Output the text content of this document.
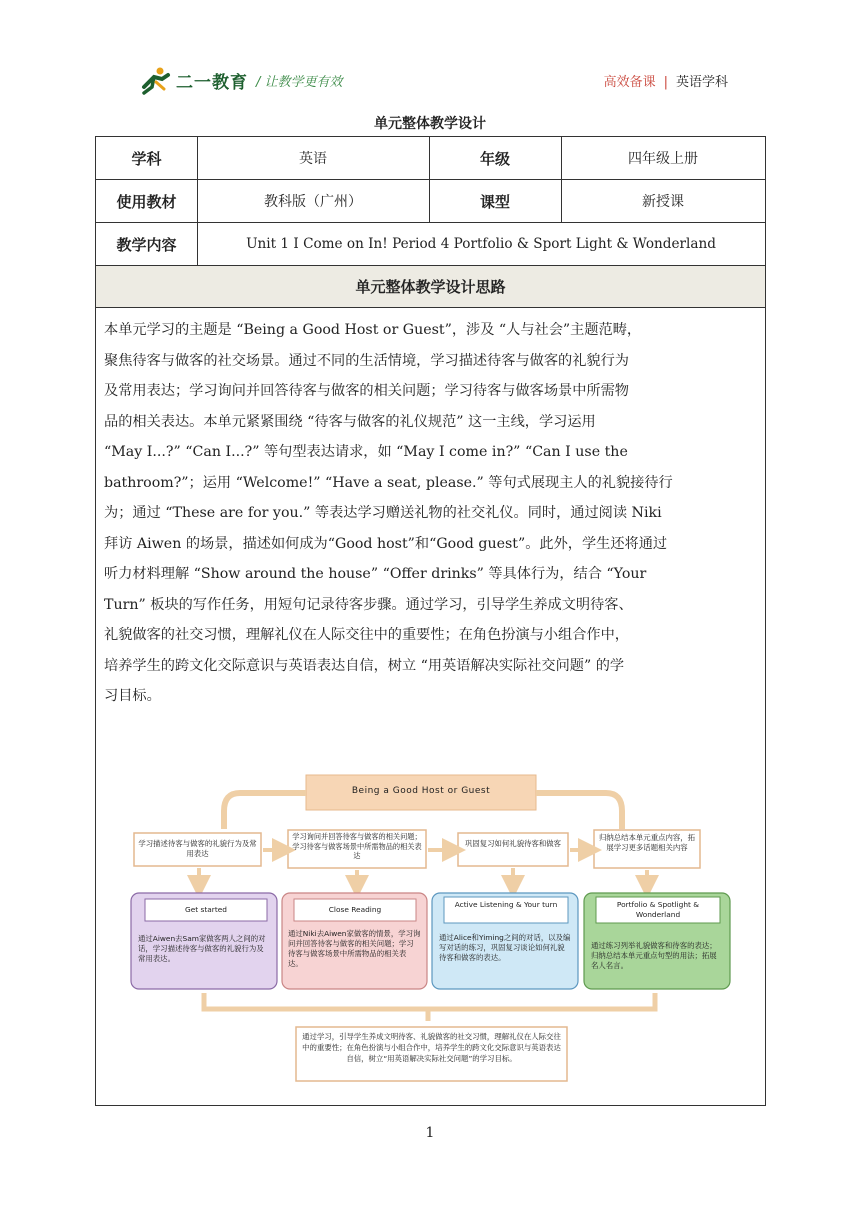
二一教育 / 让教学更有效	高效备课 | 英语学科
单元整体教学设计
学科	英语	年级	四年级上册
使用教材	教科版（广州）	课型	新授课
教学内容	Unit 1 I Come on In! Period 4 Portfolio & Sport Light & Wonderland
单元整体教学设计思路
本单元学习的主题是 “Being a Good Host or Guest”，涉及 “人与社会”主题范畴，
聚焦待客与做客的社交场景。通过不同的生活情境，学习描述待客与做客的礼貌行为
及常用表达；学习询问并回答待客与做客的相关问题；学习待客与做客场景中所需物
品的相关表达。本单元紧紧围绕 “待客与做客的礼仪规范” 这一主线，学习运用
“May I...?” “Can I...?” 等句型表达请求，如 “May I come in?” “Can I use the
bathroom?”；运用 “Welcome!” “Have a seat, please.” 等句式展现主人的礼貌接待行
为；通过 “These are for you.” 等表达学习赠送礼物的社交礼仪。同时，通过阅读 Niki
拜访 Aiwen 的场景，描述如何成为“Good host”和“Good guest”。此外，学生还将通过
听力材料理解 “Show around the house” “Offer drinks” 等具体行为，结合 “Your
Turn” 板块的写作任务，用短句记录待客步骤。通过学习，引导学生养成文明待客、
礼貌做客的社交习惯，理解礼仪在人际交往中的重要性；在角色扮演与小组合作中，
培养学生的跨文化交际意识与英语表达自信，树立 “用英语解决实际社交问题” 的学
习目标。
Being a Good Host or Guest
学习描述待客与做客的礼貌行为及常用表达
学习询问并回答待客与做客的相关问题；学习待客与做客场景中所需物品的相关表达
巩固复习如何礼貌待客和做客
归纳总结本单元重点内容，拓展学习更多话题相关内容
Get started	Close Reading
Active Listening & Your turn	Portfolio & Spotlight & Wonderland
通过Aiwen去Sam家做客两人之间的对话，学习描述待客与做客的礼貌行为及常用表达。
通过Niki去Aiwen家做客的情景，学习询问并回答待客与做客的相关问题；学习待客与做客场景中所需物品的相关表达。
通过Alice和Yiming之间的对话，以及编写对话的练习，巩固复习谈论如何礼貌待客和做客的表达。
通过练习列举礼貌做客和待客的表达；归纳总结本单元重点句型的用法；拓展名人名言。
通过学习，引导学生养成文明待客、礼貌做客的社交习惯，理解礼仪在人际交往中的重要性；在角色扮演与小组合作中，培养学生的跨文化交际意识与英语表达自信，树立“用英语解决实际社交问题”的学习目标。
1
